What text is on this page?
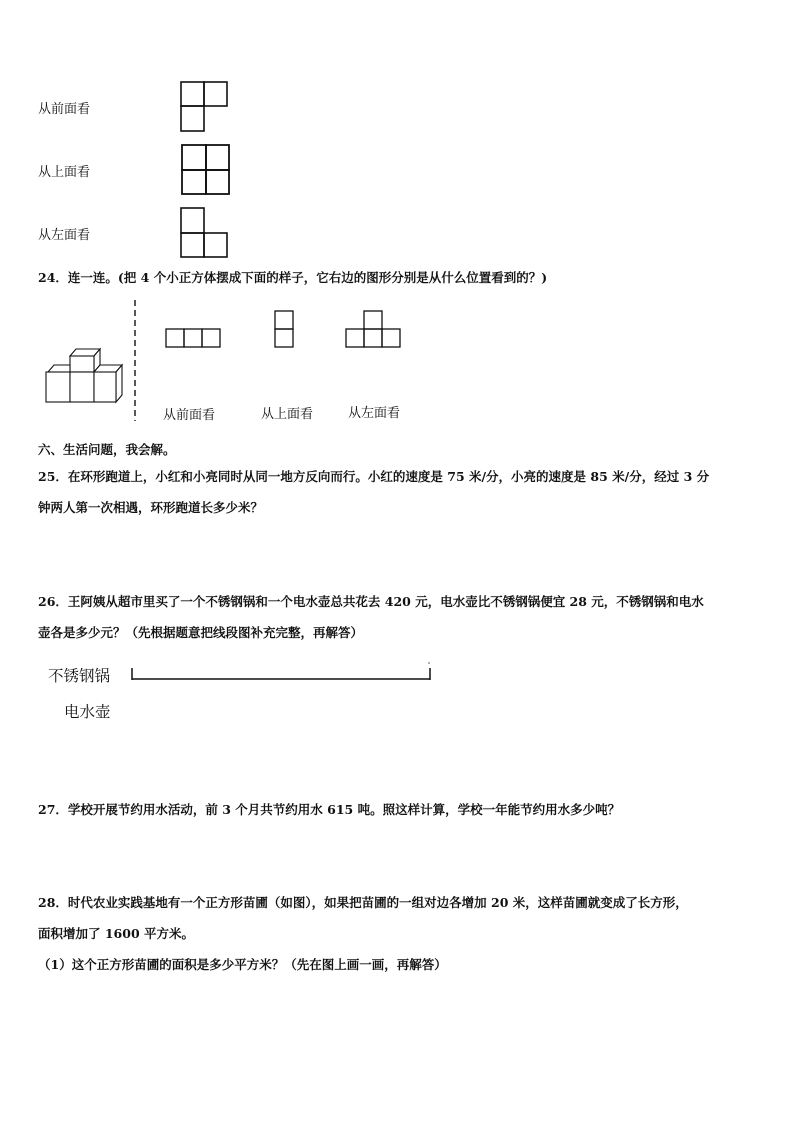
从前面看
从上面看
从左面看
24．连一连。(把 4 个小正方体摆成下面的样子，它右边的图形分别是从什么位置看到的？)
从前面看	从上面看	从左面看
六、生活问题，我会解。
25．在环形跑道上，小红和小亮同时从同一地方反向而行。小红的速度是 75 米/分，小亮的速度是 85 米/分，经过 3 分
钟两人第一次相遇，环形跑道长多少米？
26．王阿姨从超市里买了一个不锈钢锅和一个电水壶总共花去 420 元，电水壶比不锈钢锅便宜 28 元，不锈钢锅和电水
壶各是多少元？（先根据题意把线段图补充完整，再解答）
不锈钢锅
电水壶
27．学校开展节约用水活动，前 3 个月共节约用水 615 吨。照这样计算，学校一年能节约用水多少吨？
28．时代农业实践基地有一个正方形苗圃（如图），如果把苗圃的一组对边各增加 20 米，这样苗圃就变成了长方形，
面积增加了 1600 平方米。
（1）这个正方形苗圃的面积是多少平方米？（先在图上画一画，再解答）
